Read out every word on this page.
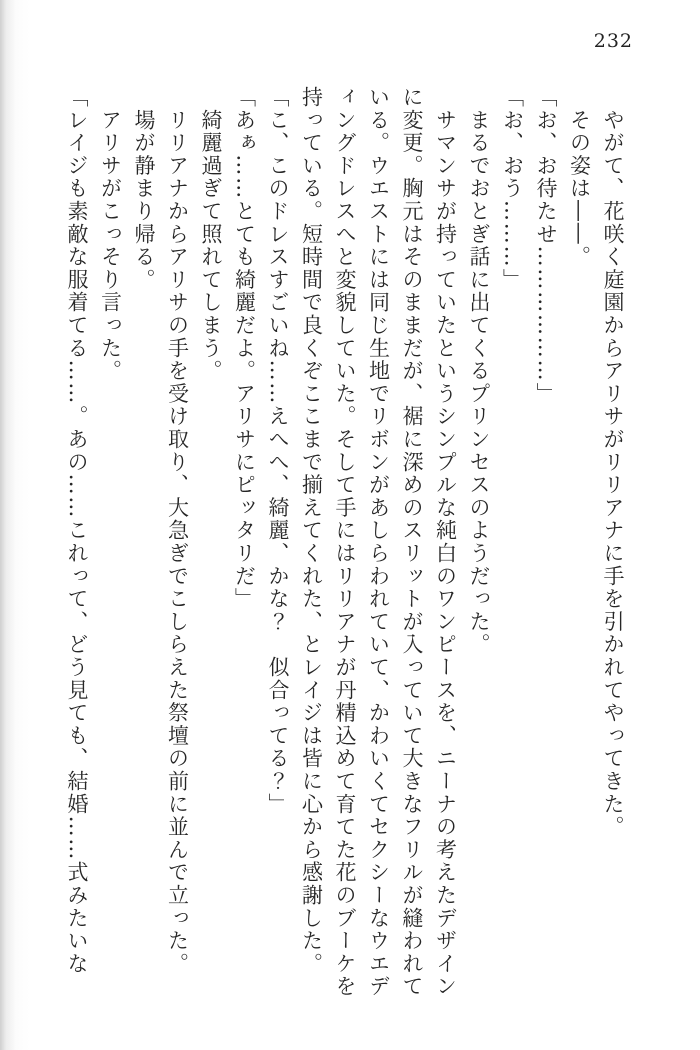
232

　やがて、花咲く庭園からアリサがリリアナに手を引かれてやってきた。

　その姿は――。

「お、お待たせ………………」

「お、おう………」

　まるでおとぎ話に出てくるプリンセスのようだった。

　サマンサが持っていたというシンプルな純白のワンピースを、ニーナの考えたデザイン

に変更。胸元はそのままだが、裾に深めのスリットが入っていて大きなフリルが縫われて

いる。ウエストには同じ生地でリボンがあしらわれていて、かわいくてセクシーなウエデ

ィングドレスへと変貌していた。そして手にはリリアナが丹精込めて育てた花のブーケを

持っている。短時間で良くぞここまで揃えてくれた、とレイジは皆に心から感謝した。

「こ、このドレスすごいね……えへへ、綺麗、かな？　似合ってる？」

「あぁ……とても綺麗だよ。アリサにピッタリだ」

　綺麗過ぎて照れてしまう。

　リリアナからアリサの手を受け取り、大急ぎでこしらえた祭壇の前に並んで立った。

　場が静まり帰る。

　アリサがこっそり言った。

「レイジも素敵な服着てる……。あの……これって、どう見ても、結婚……式みたいな
